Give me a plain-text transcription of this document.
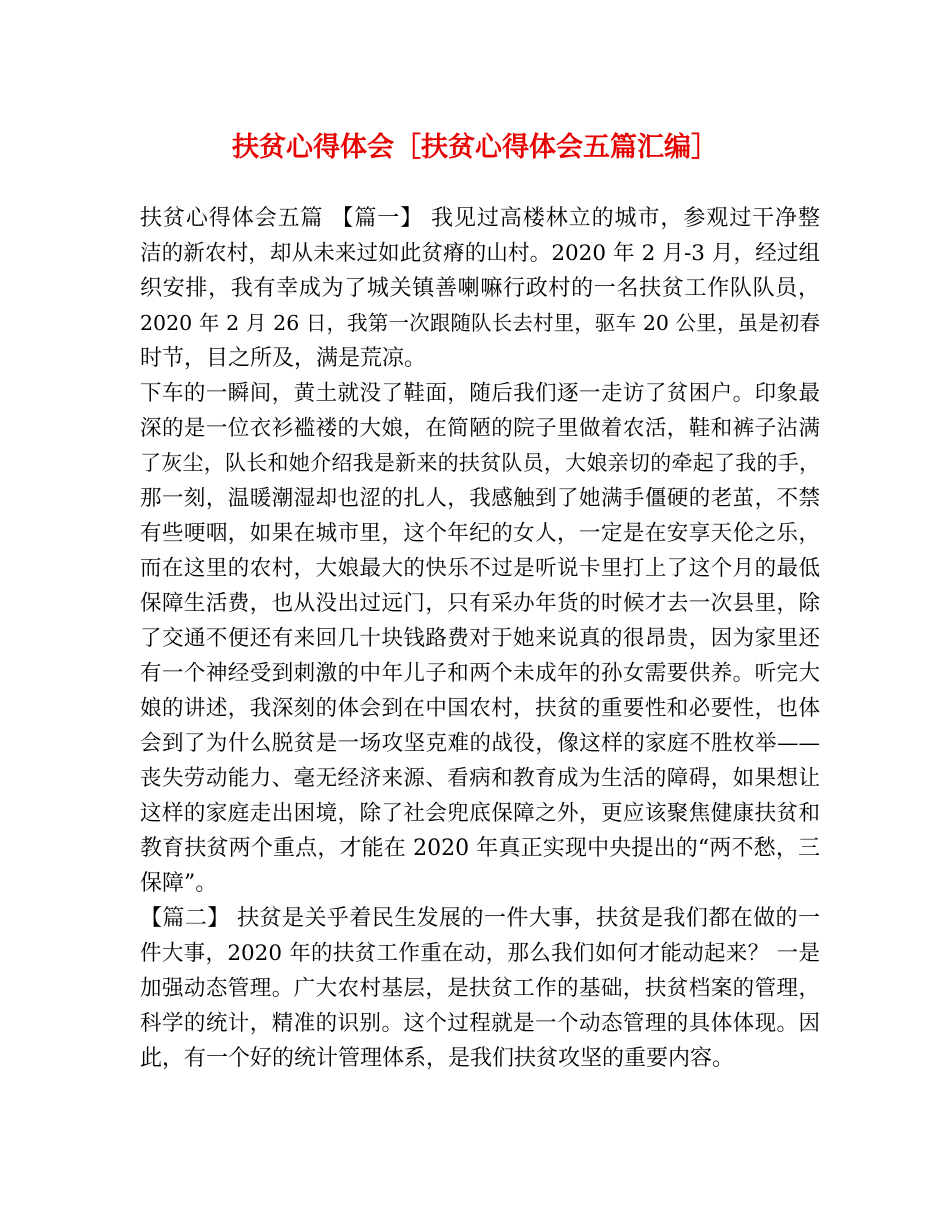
扶贫心得体会［扶贫心得体会五篇汇编］
扶贫心得体会五篇 【篇一】 我见过高楼林立的城市，参观过干净整
洁的新农村，却从未来过如此贫瘠的山村。2020 年 2 月-3 月，经过组
织安排，我有幸成为了城关镇善喇嘛行政村的一名扶贫工作队队员，
2020 年 2 月 26 日，我第一次跟随队长去村里，驱车 20 公里，虽是初春
时节，目之所及，满是荒凉。
下车的一瞬间，黄土就没了鞋面，随后我们逐一走访了贫困户。印象最
深的是一位衣衫褴褛的大娘，在简陋的院子里做着农活，鞋和裤子沾满
了灰尘，队长和她介绍我是新来的扶贫队员，大娘亲切的牵起了我的手，
那一刻，温暖潮湿却也涩的扎人，我感触到了她满手僵硬的老茧，不禁
有些哽咽，如果在城市里，这个年纪的女人，一定是在安享天伦之乐，
而在这里的农村，大娘最大的快乐不过是听说卡里打上了这个月的最低
保障生活费，也从没出过远门，只有采办年货的时候才去一次县里，除
了交通不便还有来回几十块钱路费对于她来说真的很昂贵，因为家里还
有一个神经受到刺激的中年儿子和两个未成年的孙女需要供养。听完大
娘的讲述，我深刻的体会到在中国农村，扶贫的重要性和必要性，也体
会到了为什么脱贫是一场攻坚克难的战役，像这样的家庭不胜枚举——
丧失劳动能力、毫无经济来源、看病和教育成为生活的障碍，如果想让
这样的家庭走出困境，除了社会兜底保障之外，更应该聚焦健康扶贫和
教育扶贫两个重点，才能在 2020 年真正实现中央提出的“两不愁，三
保障”。
【篇二】 扶贫是关乎着民生发展的一件大事，扶贫是我们都在做的一
件大事，2020 年的扶贫工作重在动，那么我们如何才能动起来？ 一是
加强动态管理。广大农村基层，是扶贫工作的基础，扶贫档案的管理，
科学的统计，精准的识别。这个过程就是一个动态管理的具体体现。因
此，有一个好的统计管理体系，是我们扶贫攻坚的重要内容。
